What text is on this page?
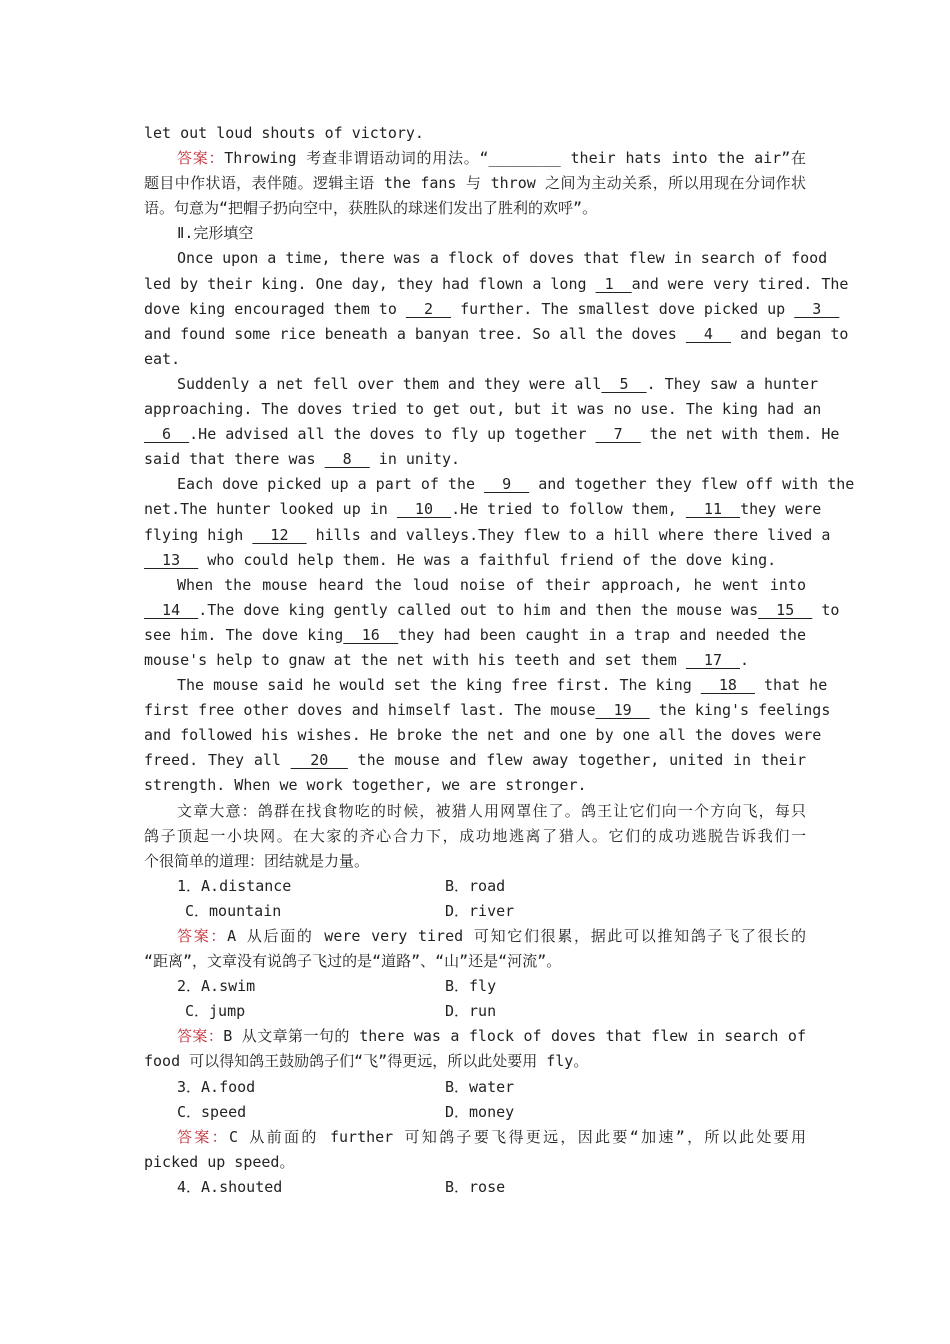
let out loud shouts of victory.
答案：Throwing 考查非谓语动词的用法。“________ their hats into the air”在
题目中作状语，表伴随。逻辑主语 the fans 与 throw 之间为主动关系，所以用现在分词作状
语。句意为“把帽子扔向空中，获胜队的球迷们发出了胜利的欢呼”。
Ⅱ.完形填空
Once upon a time, there was a flock of doves that flew in search of food
led by their king. One day, they had flown a long  1  and were very tired. The
dove king encouraged them to   2   further. The smallest dove picked up   3
and found some rice beneath a banyan tree. So all the doves   4   and began to
eat.
Suddenly a net fell over them and they were all  5  . They saw a hunter
approaching. The doves tried to get out, but it was no use. The king had an
6  .He advised all the doves to fly up together   7   the net with them. He
said that there was   8   in unity.
Each dove picked up a part of the   9   and together they flew off with the
net.The hunter looked up in   10  .He tried to follow them,   11  they were
flying high   12   hills and valleys.They flew to a hill where there lived a
13   who could help them. He was a faithful friend of the dove king.
When the mouse heard the loud noise of their approach, he went into
14  .The dove king gently called out to him and then the mouse was  15   to
see him. The dove king  16  they had been caught in a trap and needed the
mouse's help to gnaw at the net with his teeth and set them   17  .
The mouse said he would set the king free first. The king   18   that he
first free other doves and himself last. The mouse  19   the king's feelings
and followed his wishes. He broke the net and one by one all the doves were
freed. They all   20   the mouse and flew away together, united in their
strength. When we work together, we are stronger.
文章大意：鸽群在找食物吃的时候，被猎人用网罩住了。鸽王让它们向一个方向飞，每只
鸽子顶起一小块网。在大家的齐心合力下，成功地逃离了猎人。它们的成功逃脱告诉我们一
个很简单的道理：团结就是力量。
1．A.distance	B．road
C．mountain	D．river
答案：A 从后面的 were very tired 可知它们很累，据此可以推知鸽子飞了很长的
“距离”，文章没有说鸽子飞过的是“道路”、“山”还是“河流”。
2．A.swim	B．fly
C．jump	D．run
答案：B 从文章第一句的 there was a flock of doves that flew in search of
food 可以得知鸽王鼓励鸽子们“飞”得更远，所以此处要用 fly。
3．A.food	B．water
C．speed	D．money
答案：C 从前面的 further 可知鸽子要飞得更远，因此要“加速”，所以此处要用
picked up speed。
4．A.shouted	B．rose
